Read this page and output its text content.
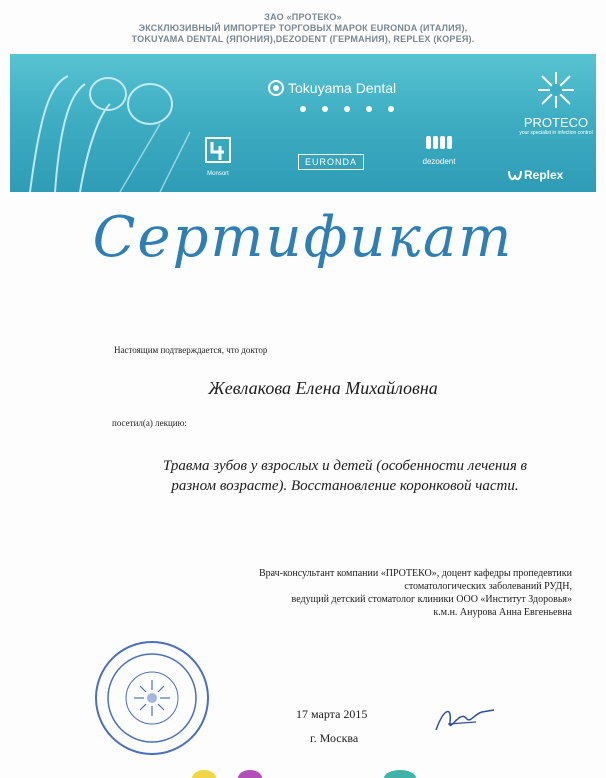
ЗАО «ПРОТЕКО»
ЭКСКЛЮЗИВНЫЙ ИМПОРТЕР ТОРГОВЫХ МАРОК EURONDA (ИТАЛИЯ),
TOKUYAMA DENTAL (ЯПОНИЯ),DEZODENT (ГЕРМАНИЯ), REPLEX (КОРЕЯ).
Tokuyama Dental
Monsort
EURONDA	dezodent
PROTECO
your specialist in infection control
Replex
Сертификат
Настоящим подтверждается, что доктор
Жевлакова Елена Михайловна
посетил(а) лекцию:
Травма зубов у взрослых и детей (особенности лечения в
разном возрасте). Восстановление коронковой части.
Врач-консультант компании «ПРОТЕКО», доцент кафедры пропедевтики
стоматологических заболеваний РУДН,
ведущий детский стоматолог клиники ООО «Институт Здоровья»
к.м.н. Анурова Анна Евгеньевна
17 марта 2015
г. Москва
